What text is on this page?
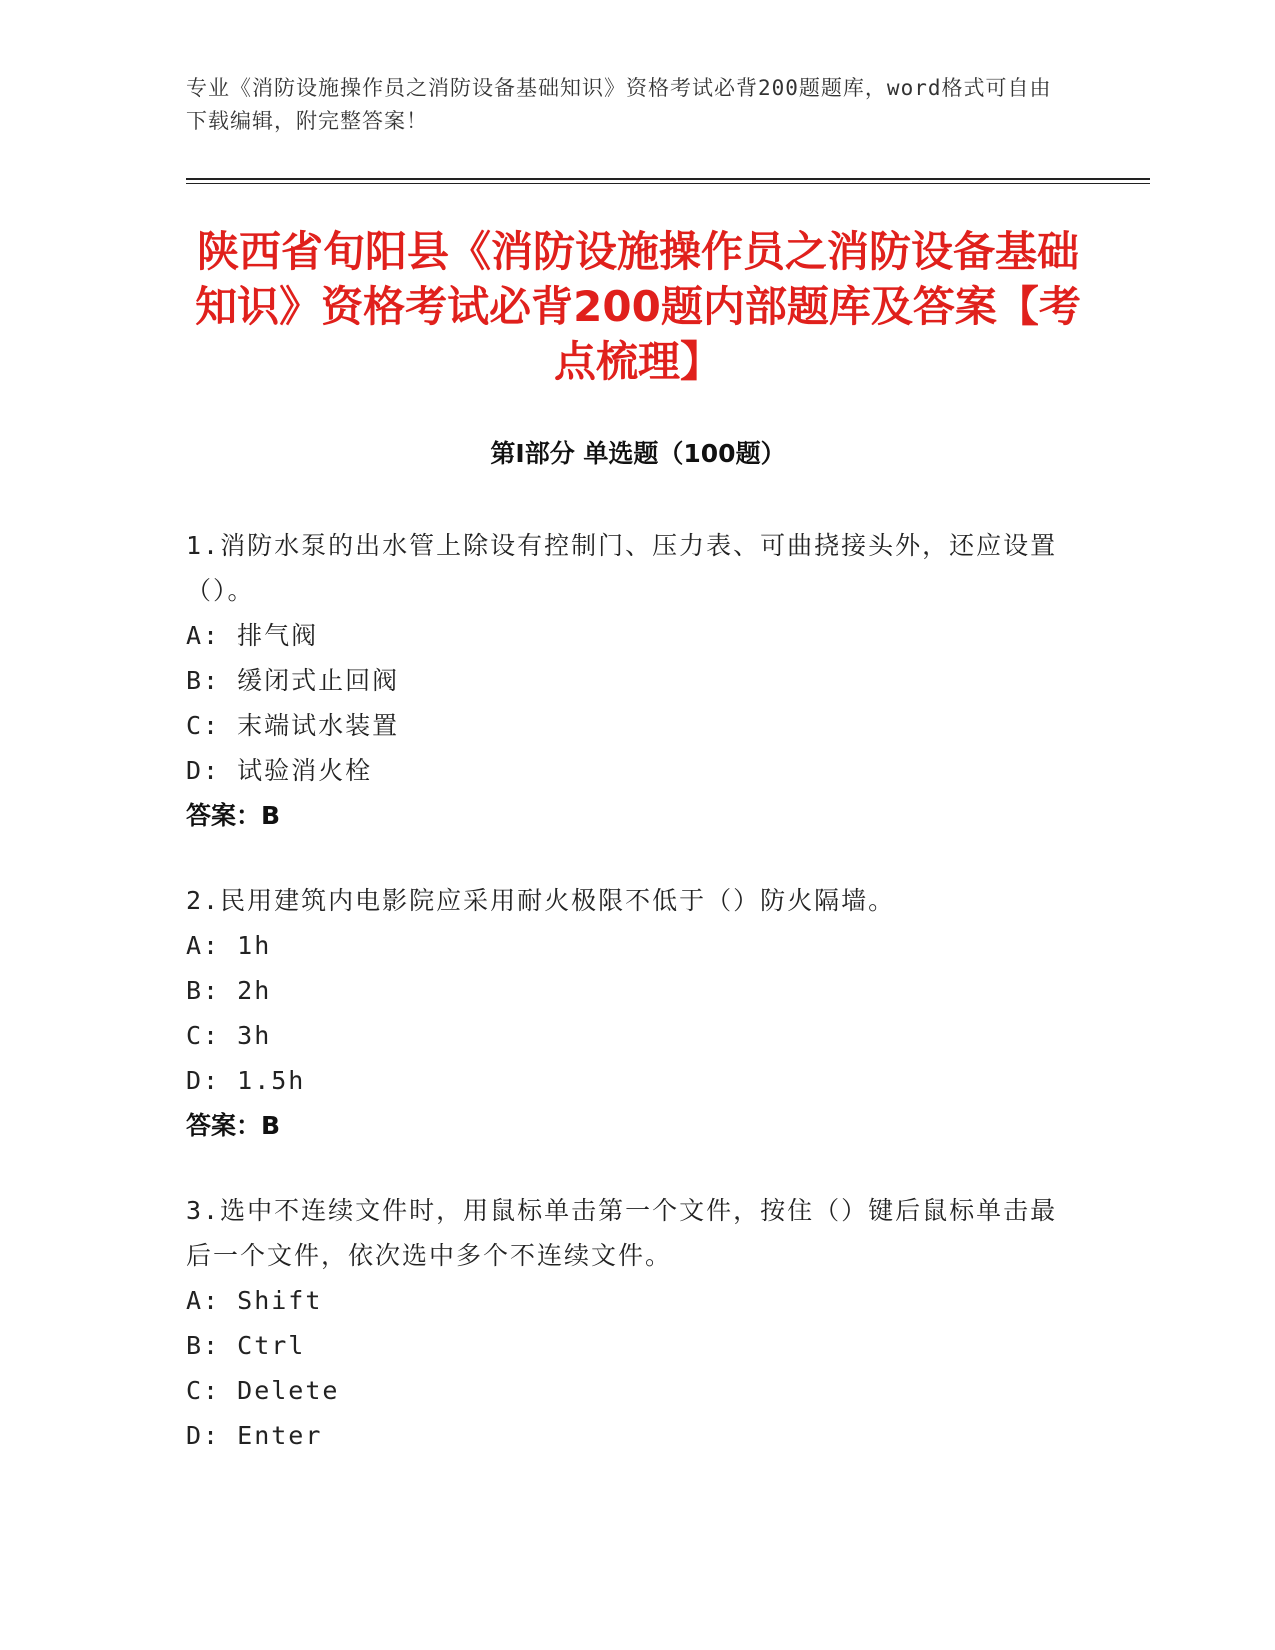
专业《消防设施操作员之消防设备基础知识》资格考试必背200题题库，word格式可自由下载编辑，附完整答案！
陕西省旬阳县《消防设施操作员之消防设备基础知识》资格考试必背200题内部题库及答案【考点梳理】
第Ⅰ部分 单选题（100题）

1.消防水泵的出水管上除设有控制门、压力表、可曲挠接头外，还应设置（）。

A: 排气阀

B: 缓闭式止回阀

C: 末端试水装置

D: 试验消火栓

答案：B

2.民用建筑内电影院应采用耐火极限不低于（）防火隔墙。

A: 1h

B: 2h

C: 3h

D: 1.5h

答案：B

3.选中不连续文件时，用鼠标单击第一个文件，按住（）键后鼠标单击最后一个文件，依次选中多个不连续文件。

A: Shift

B: Ctrl

C: Delete

D: Enter
